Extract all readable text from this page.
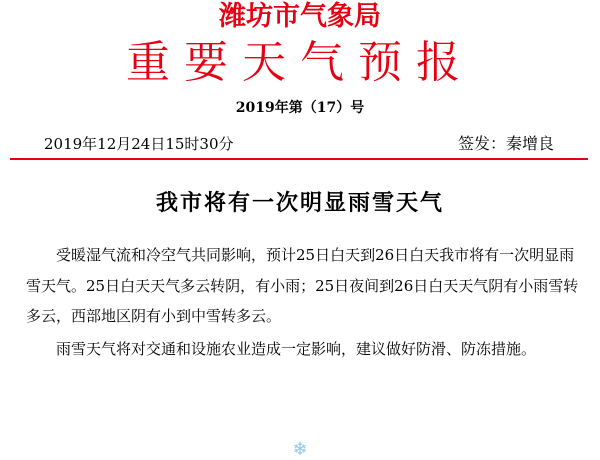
潍坊市气象局
重要天气预报
2019年第（17）号
2019年12月24日15时30分	签发：秦增良
我市将有一次明显雨雪天气

受暖湿气流和冷空气共同影响，预计25日白天到26日白天我市将有一次明显雨雪天气。25日白天天气多云转阴，有小雨；25日夜间到26日白天天气阴有小雨雪转多云，西部地区阴有小到中雪转多云。

雨雪天气将对交通和设施农业造成一定影响，建议做好防滑、防冻措施。

❄
